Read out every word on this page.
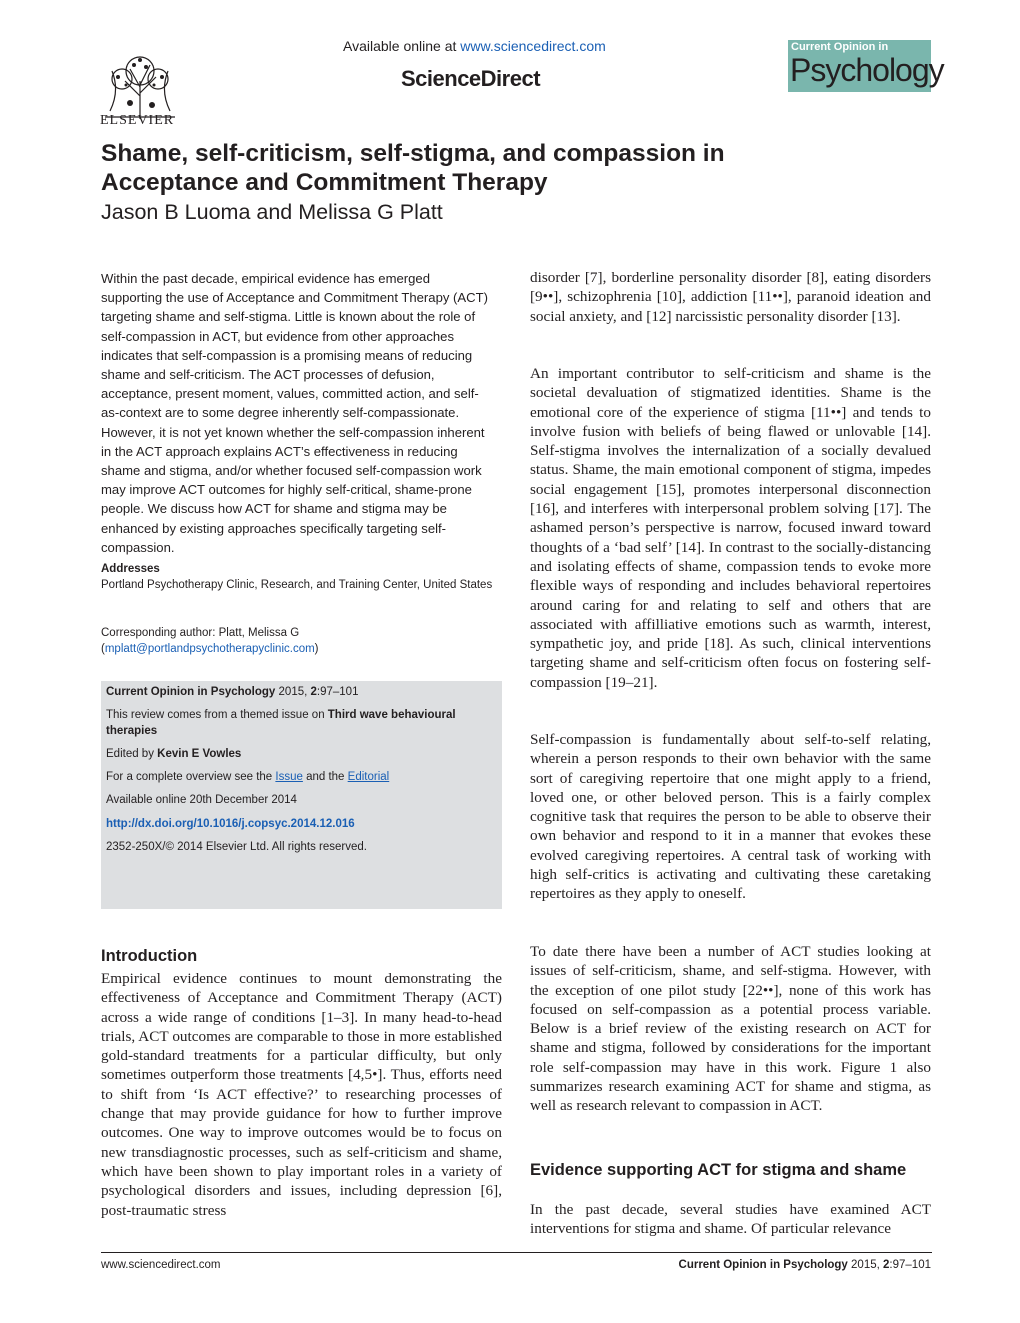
ELSEVIER
Available online at www.sciencedirect.com
ScienceDirect
Current Opinion in
Psychology
Shame, self-criticism, self-stigma, and compassion in Acceptance and Commitment Therapy
Jason B Luoma and Melissa G Platt
Within the past decade, empirical evidence has emerged supporting the use of Acceptance and Commitment Therapy (ACT) targeting shame and self-stigma. Little is known about the role of self-compassion in ACT, but evidence from other approaches indicates that self-compassion is a promising means of reducing shame and self-criticism. The ACT processes of defusion, acceptance, present moment, values, committed action, and self-as-context are to some degree inherently self-compassionate. However, it is not yet known whether the self-compassion inherent in the ACT approach explains ACT’s effectiveness in reducing shame and stigma, and/or whether focused self-compassion work may improve ACT outcomes for highly self-critical, shame-prone people. We discuss how ACT for shame and stigma may be enhanced by existing approaches specifically targeting self-compassion.
Addresses
Portland Psychotherapy Clinic, Research, and Training Center, United States
Corresponding author: Platt, Melissa G
(mplatt@portlandpsychotherapyclinic.com)
Current Opinion in Psychology 2015, 2:97–101
This review comes from a themed issue on Third wave behavioural therapies
Edited by Kevin E Vowles
For a complete overview see the Issue and the Editorial
Available online 20th December 2014
http://dx.doi.org/10.1016/j.copsyc.2014.12.016
2352-250X/© 2014 Elsevier Ltd. All rights reserved.
Introduction
Empirical evidence continues to mount demonstrating the effectiveness of Acceptance and Commitment Therapy (ACT) across a wide range of conditions [1–3]. In many head-to-head trials, ACT outcomes are comparable to those in more established gold-standard treatments for a particular difficulty, but only sometimes outperform those treatments [4,5•]. Thus, efforts need to shift from ‘Is ACT effective?’ to researching processes of change that may provide guidance for how to further improve outcomes. One way to improve outcomes would be to focus on new transdiagnostic processes, such as self-criticism and shame, which have been shown to play important roles in a variety of psychological disorders and issues, including depression [6], post-traumatic stress
disorder [7], borderline personality disorder [8], eating disorders [9••], schizophrenia [10], addiction [11••], paranoid ideation and social anxiety, and [12] narcissistic personality disorder [13].
An important contributor to self-criticism and shame is the societal devaluation of stigmatized identities. Shame is the emotional core of the experience of stigma [11••] and tends to involve fusion with beliefs of being flawed or unlovable [14]. Self-stigma involves the internalization of a socially devalued status. Shame, the main emotional component of stigma, impedes social engagement [15], promotes interpersonal disconnection [16], and interferes with interpersonal problem solving [17]. The ashamed person’s perspective is narrow, focused inward toward thoughts of a ‘bad self’ [14]. In contrast to the socially-distancing and isolating effects of shame, compassion tends to evoke more flexible ways of responding and includes behavioral repertoires around caring for and relating to self and others that are associated with affilliative emotions such as warmth, interest, sympathetic joy, and pride [18]. As such, clinical interventions targeting shame and self-criticism often focus on fostering self-compassion [19–21].
Self-compassion is fundamentally about self-to-self relating, wherein a person responds to their own behavior with the same sort of caregiving repertoire that one might apply to a friend, loved one, or other beloved person. This is a fairly complex cognitive task that requires the person to be able to observe their own behavior and respond to it in a manner that evokes these evolved caregiving repertoires. A central task of working with high self-critics is activating and cultivating these caretaking repertoires as they apply to oneself.
To date there have been a number of ACT studies looking at issues of self-criticism, shame, and self-stigma. However, with the exception of one pilot study [22••], none of this work has focused on self-compassion as a potential process variable. Below is a brief review of the existing research on ACT for shame and stigma, followed by considerations for the important role self-compassion may have in this work. Figure 1 also summarizes research examining ACT for shame and stigma, as well as research relevant to compassion in ACT.
Evidence supporting ACT for stigma and shame
In the past decade, several studies have examined ACT interventions for stigma and shame. Of particular relevance
www.sciencedirect.com	Current Opinion in Psychology 2015, 2:97–101
